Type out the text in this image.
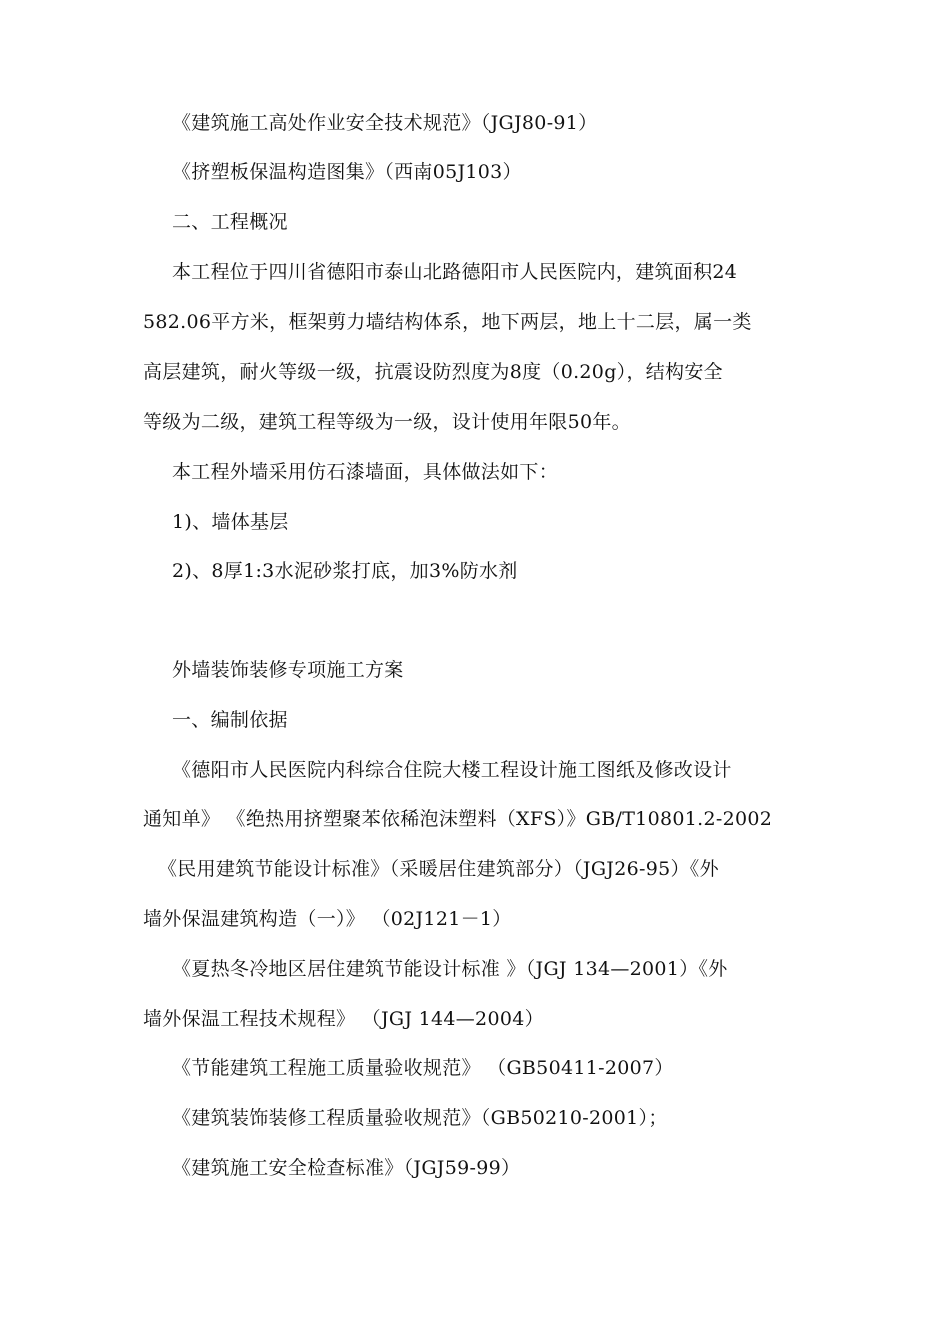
《建筑施工高处作业安全技术规范》（JGJ80-91）
《挤塑板保温构造图集》（西南05J103）
二、工程概况
本工程位于四川省德阳市泰山北路德阳市人民医院内，建筑面积24
582.06平方米，框架剪力墙结构体系，地下两层，地上十二层，属一类
高层建筑，耐火等级一级，抗震设防烈度为8度（0.20g），结构安全
等级为二级，建筑工程等级为一级，设计使用年限50年。
本工程外墙采用仿石漆墙面，具体做法如下：
1)、墙体基层
2)、8厚1:3水泥砂浆打底，加3%防水剂
外墙装饰装修专项施工方案
一、编制依据
《德阳市人民医院内科综合住院大楼工程设计施工图纸及修改设计
通知单》 《绝热用挤塑聚苯依稀泡沫塑料（XFS）》GB/T10801.2-2002
《民用建筑节能设计标准》（采暖居住建筑部分）（JGJ26-95）《外
墙外保温建筑构造（一）》 （02J121－1）
《夏热冬冷地区居住建筑节能设计标准 》（JGJ 134—2001）《外
墙外保温工程技术规程》 （JGJ 144—2004）
《节能建筑工程施工质量验收规范》 （GB50411-2007）
《建筑装饰装修工程质量验收规范》（GB50210-2001）；
《建筑施工安全检查标准》（JGJ59-99）
